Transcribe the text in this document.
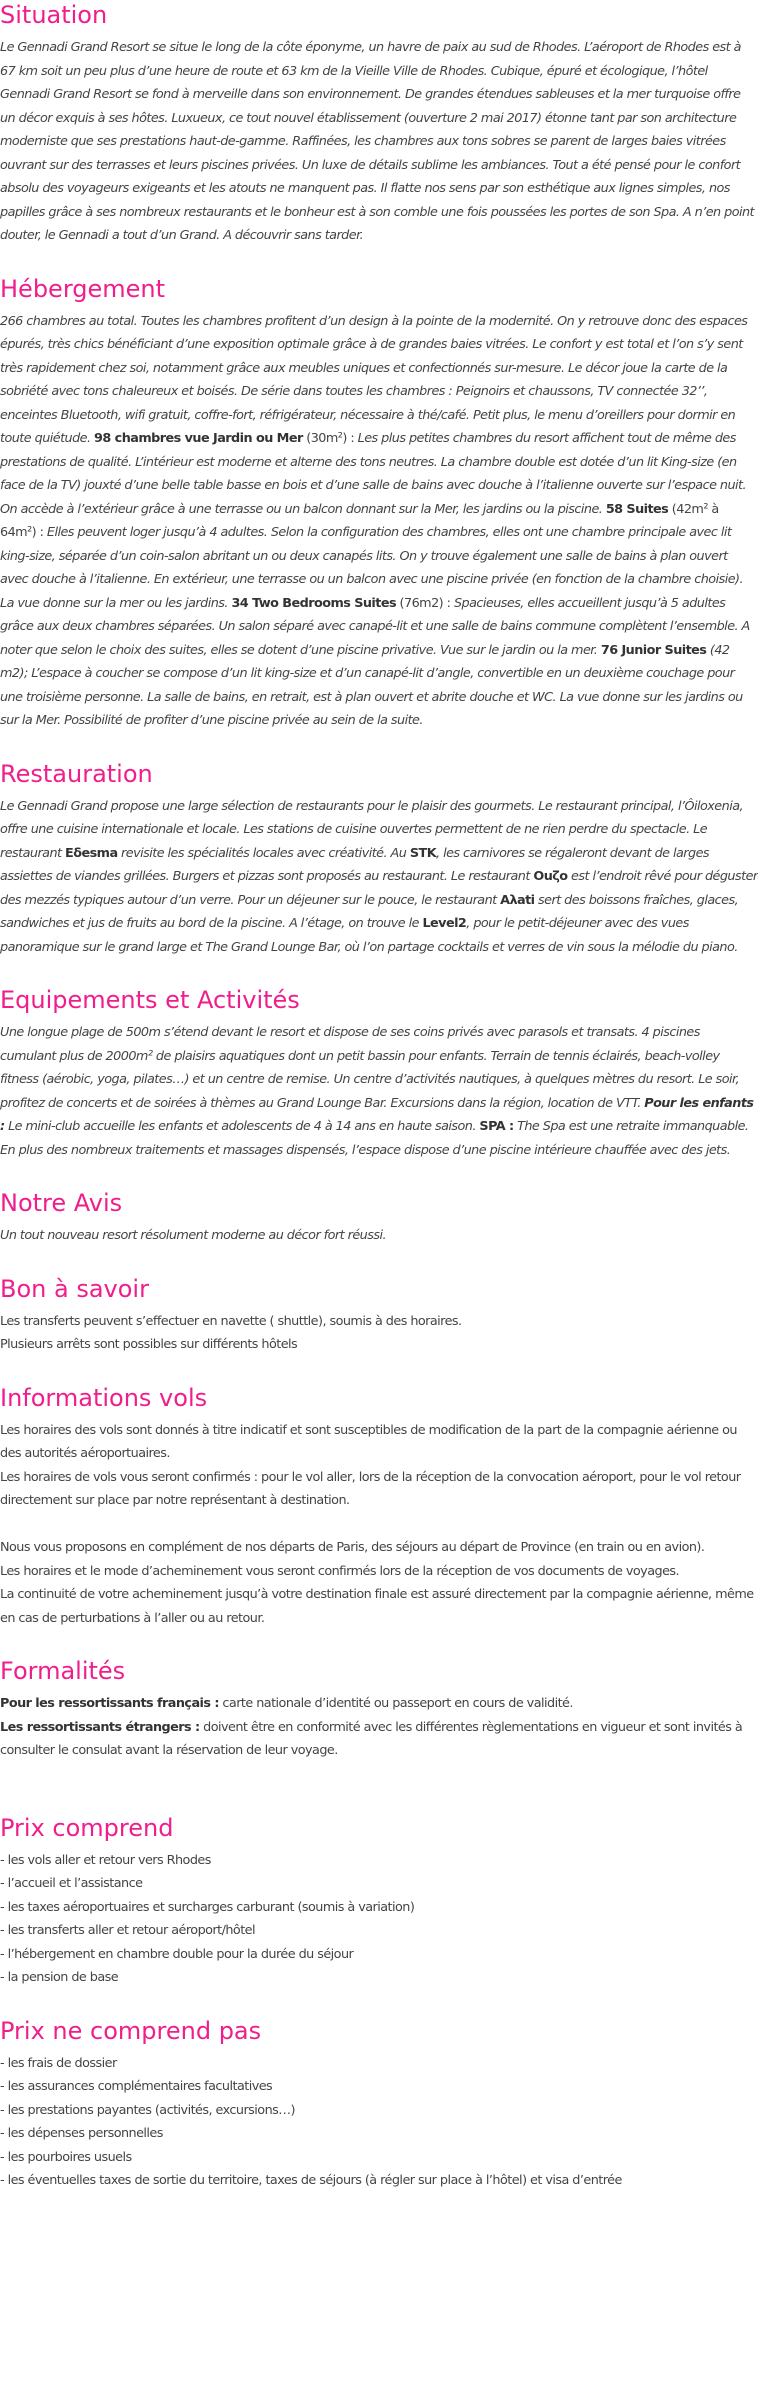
Situation

Le Gennadi Grand Resort se situe le long de la côte éponyme, un havre de paix au sud de Rhodes. L’aéroport de Rhodes est à 67 km soit un peu plus d’une heure de route et 63 km de la Vieille Ville de Rhodes. Cubique, épuré et écologique, l’hôtel Gennadi Grand Resort se fond à merveille dans son environnement. De grandes étendues sableuses et la mer turquoise offre un décor exquis à ses hôtes. Luxueux, ce tout nouvel établissement (ouverture 2 mai 2017) étonne tant par son architecture moderniste que ses prestations haut-de-gamme. Raffinées, les chambres aux tons sobres se parent de larges baies vitrées ouvrant sur des terrasses et leurs piscines privées. Un luxe de détails sublime les ambiances. Tout a été pensé pour le confort absolu des voyageurs exigeants et les atouts ne manquent pas. Il flatte nos sens par son esthétique aux lignes simples, nos papilles grâce à ses nombreux restaurants et le bonheur est à son comble une fois poussées les portes de son Spa. A n’en point douter, le Gennadi a tout d’un Grand. A découvrir sans tarder.

Hébergement

266 chambres au total. Toutes les chambres profitent d’un design à la pointe de la modernité. On y retrouve donc des espaces épurés, très chics bénéficiant d’une exposition optimale grâce à de grandes baies vitrées. Le confort y est total et l’on s’y sent très rapidement chez soi, notamment grâce aux meubles uniques et confectionnés sur-mesure. Le décor joue la carte de la sobriété avec tons chaleureux et boisés. De série dans toutes les chambres : Peignoirs et chaussons, TV connectée 32’’, enceintes Bluetooth, wifi gratuit, coffre-fort, réfrigérateur, nécessaire à thé/café. Petit plus, le menu d’oreillers pour dormir en toute quiétude. 98 chambres vue Jardin ou Mer (30m²) : Les plus petites chambres du resort affichent tout de même des prestations de qualité. L’intérieur est moderne et alterne des tons neutres. La chambre double est dotée d’un lit King-size (en face de la TV) jouxté d’une belle table basse en bois et d’une salle de bains avec douche à l’italienne ouverte sur l’espace nuit. On accède à l’extérieur grâce à une terrasse ou un balcon donnant sur la Mer, les jardins ou la piscine. 58 Suites (42m² à 64m²) : Elles peuvent loger jusqu’à 4 adultes. Selon la configuration des chambres, elles ont une chambre principale avec lit king-size, séparée d’un coin-salon abritant un ou deux canapés lits. On y trouve également une salle de bains à plan ouvert avec douche à l’italienne. En extérieur, une terrasse ou un balcon avec une piscine privée (en fonction de la chambre choisie). La vue donne sur la mer ou les jardins. 34 Two Bedrooms Suites (76m2) : Spacieuses, elles accueillent jusqu’à 5 adultes grâce aux deux chambres séparées. Un salon séparé avec canapé-lit et une salle de bains commune complètent l’ensemble. A noter que selon le choix des suites, elles se dotent d’une piscine privative. Vue sur le jardin ou la mer. 76 Junior Suites (42 m2); L’espace à coucher se compose d’un lit king-size et d’un canapé-lit d’angle, convertible en un deuxième couchage pour une troisième personne. La salle de bains, en retrait, est à plan ouvert et abrite douche et WC. La vue donne sur les jardins ou sur la Mer. Possibilité de profiter d’une piscine privée au sein de la suite.

Restauration

Le Gennadi Grand propose une large sélection de restaurants pour le plaisir des gourmets. Le restaurant principal, l’Ôiloxenia, offre une cuisine internationale et locale. Les stations de cuisine ouvertes permettent de ne rien perdre du spectacle. Le restaurant Eδesma revisite les spécialités locales avec créativité. Au STK, les carnivores se régaleront devant de larges assiettes de viandes grillées. Burgers et pizzas sont proposés au restaurant. Le restaurant Ouζo est l’endroit rêvé pour déguster des mezzés typiques autour d’un verre. Pour un déjeuner sur le pouce, le restaurant Aλati sert des boissons fraîches, glaces, sandwiches et jus de fruits au bord de la piscine. A l’étage, on trouve le Level2, pour le petit-déjeuner avec des vues panoramique sur le grand large et The Grand Lounge Bar, où l’on partage cocktails et verres de vin sous la mélodie du piano.

Equipements et Activités

Une longue plage de 500m s’étend devant le resort et dispose de ses coins privés avec parasols et transats. 4 piscines cumulant plus de 2000m² de plaisirs aquatiques dont un petit bassin pour enfants. Terrain de tennis éclairés, beach-volley fitness (aérobic, yoga, pilates…) et un centre de remise. Un centre d’activités nautiques, à quelques mètres du resort. Le soir, profitez de concerts et de soirées à thèmes au Grand Lounge Bar. Excursions dans la région, location de VTT. Pour les enfants : Le mini-club accueille les enfants et adolescents de 4 à 14 ans en haute saison. SPA : The Spa est une retraite immanquable. En plus des nombreux traitements et massages dispensés, l’espace dispose d’une piscine intérieure chauffée avec des jets.

Notre Avis

Un tout nouveau resort résolument moderne au décor fort réussi.

Bon à savoir

Les transferts peuvent s’effectuer en navette ( shuttle), soumis à des horaires.

Plusieurs arrêts sont possibles sur différents hôtels

Informations vols

Les horaires des vols sont donnés à titre indicatif et sont susceptibles de modification de la part de la compagnie aérienne ou des autorités aéroportuaires.

Les horaires de vols vous seront confirmés : pour le vol aller, lors de la réception de la convocation aéroport, pour le vol retour directement sur place par notre représentant à destination.

Nous vous proposons en complément de nos départs de Paris, des séjours au départ de Province (en train ou en avion).

Les horaires et le mode d’acheminement vous seront confirmés lors de la réception de vos documents de voyages.

La continuité de votre acheminement jusqu’à votre destination finale est assuré directement par la compagnie aérienne, même en cas de perturbations à l’aller ou au retour.

Formalités

Pour les ressortissants français : carte nationale d’identité ou passeport en cours de validité.

Les ressortissants étrangers : doivent être en conformité avec les différentes règlementations en vigueur et sont invités à consulter le consulat avant la réservation de leur voyage.

Prix comprend
- les vols aller et retour vers Rhodes
- l’accueil et l’assistance
- les taxes aéroportuaires et surcharges carburant (soumis à variation)
- les transferts aller et retour aéroport/hôtel
- l’hébergement en chambre double pour la durée du séjour
- la pension de base
Prix ne comprend pas
- les frais de dossier
- les assurances complémentaires facultatives
- les prestations payantes (activités, excursions…)
- les dépenses personnelles
- les pourboires usuels
- les éventuelles taxes de sortie du territoire, taxes de séjours (à régler sur place à l’hôtel) et visa d’entrée
